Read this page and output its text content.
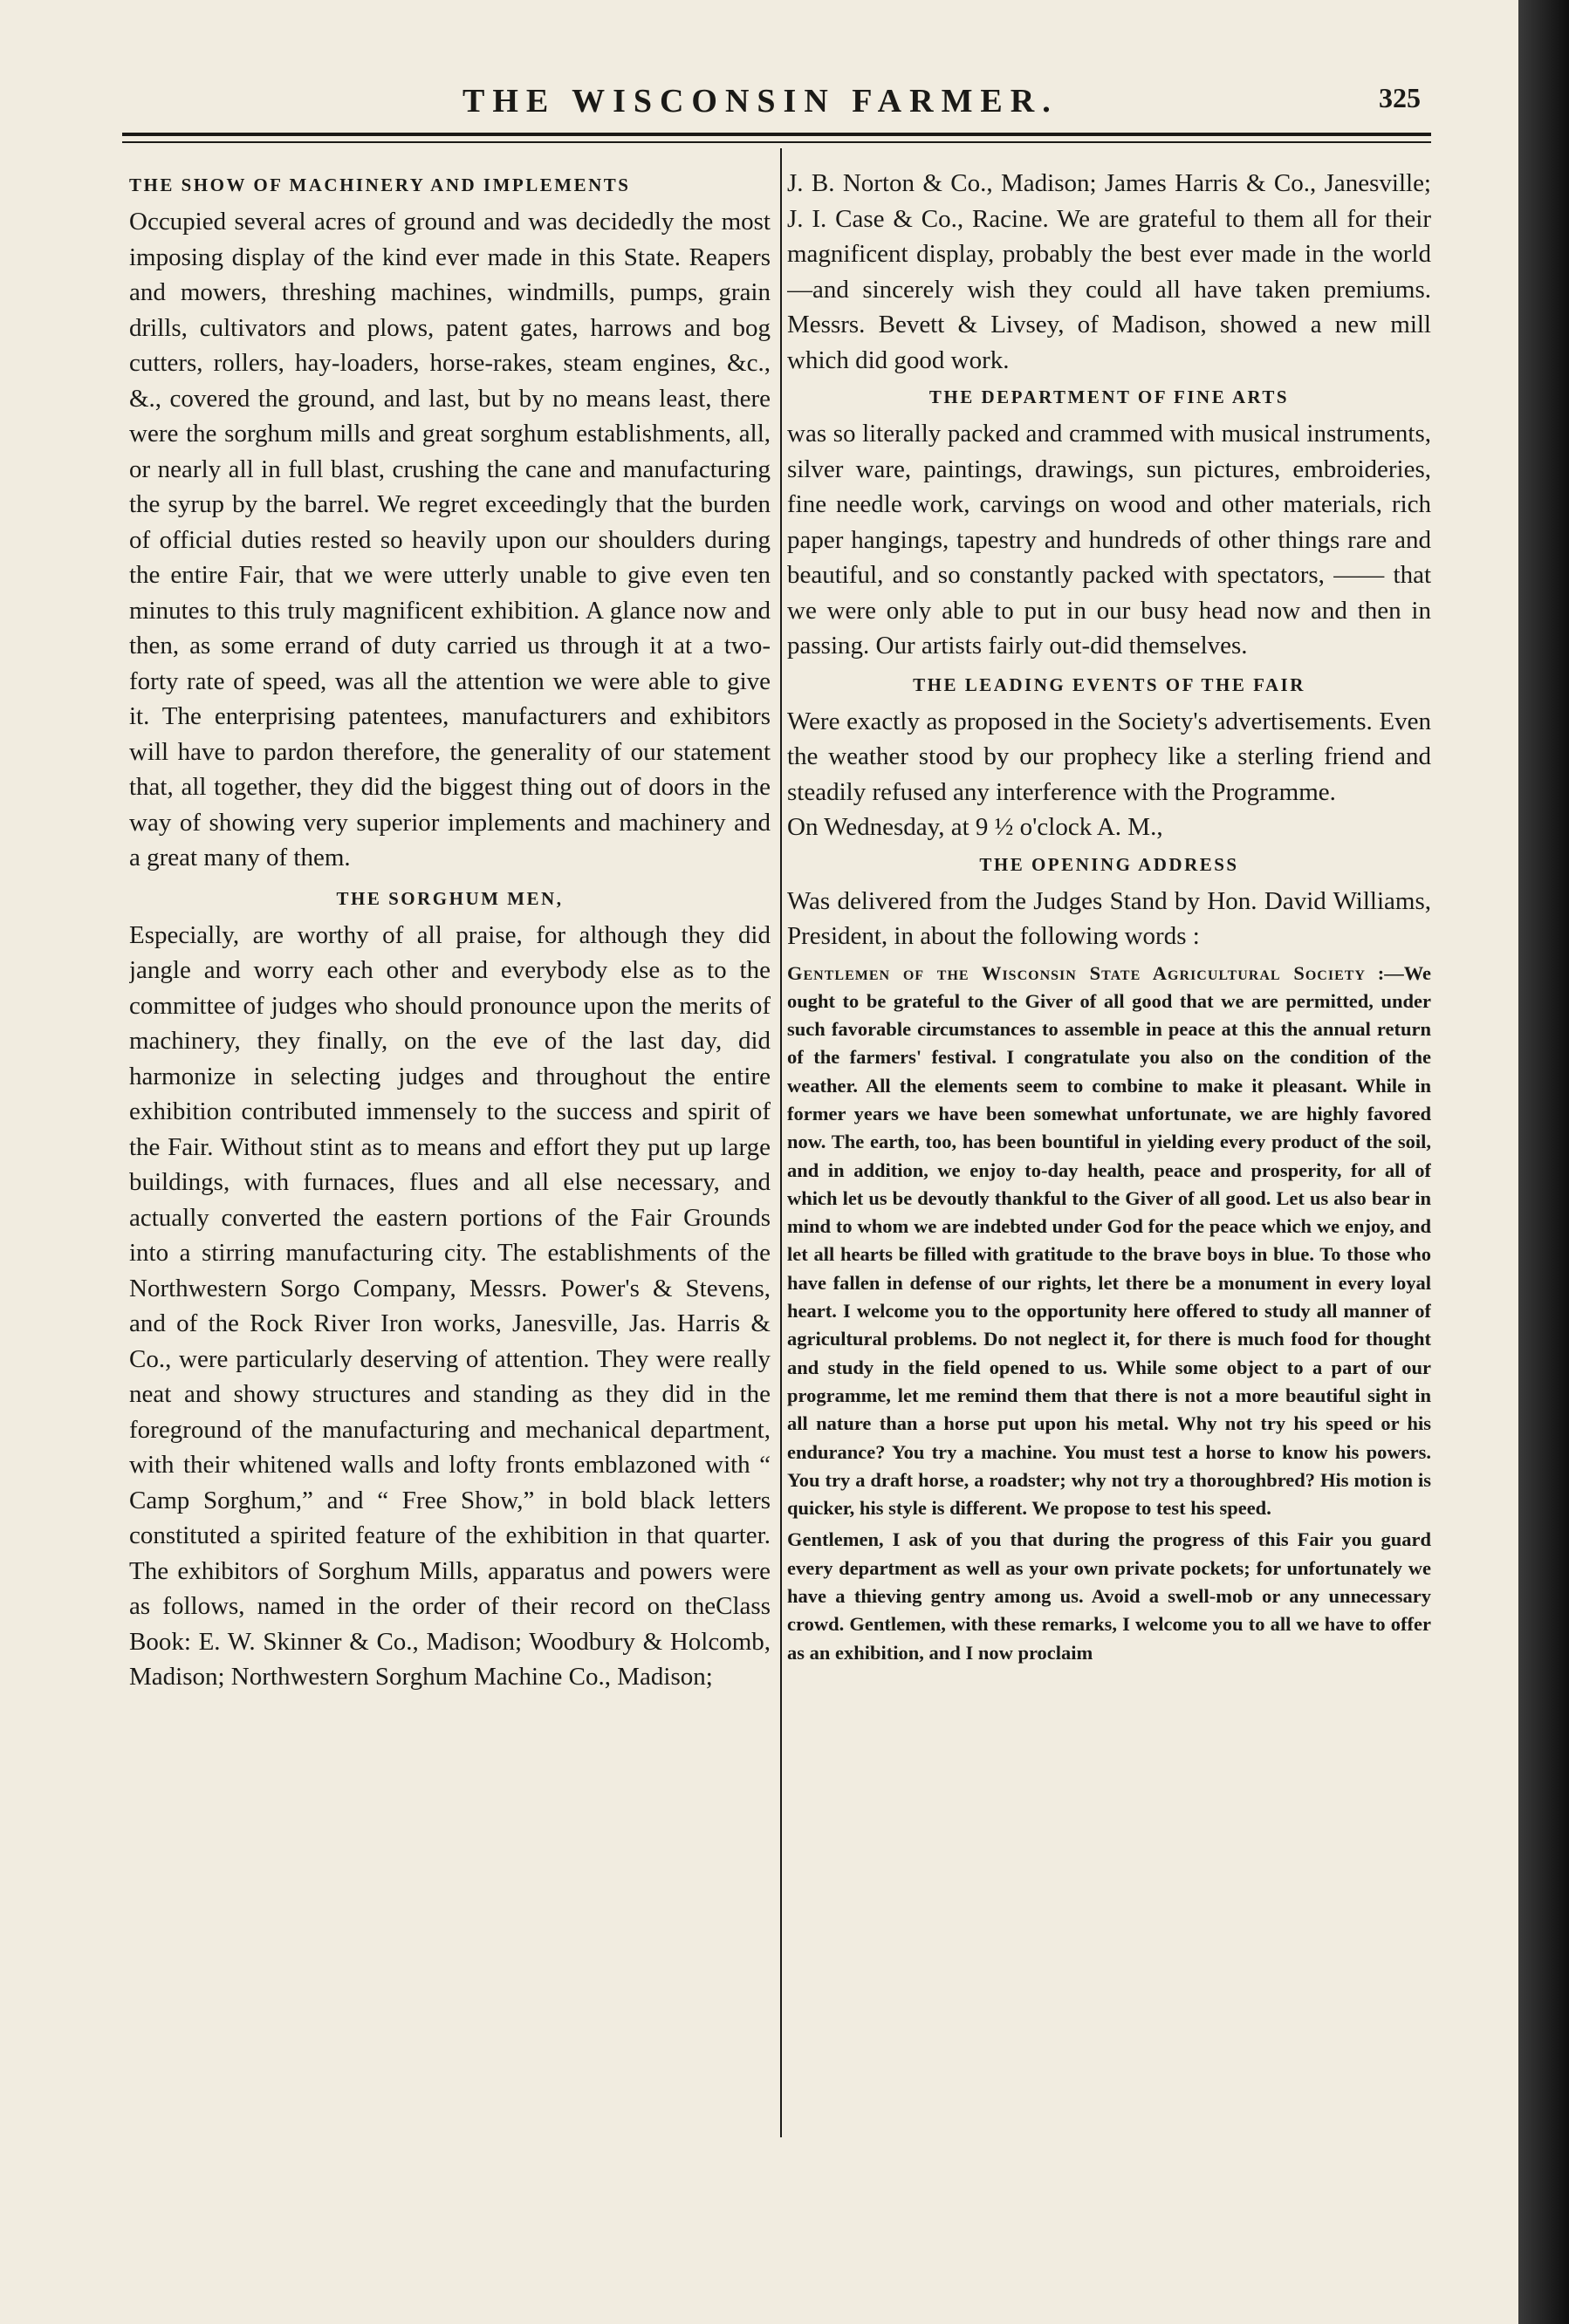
THE WISCONSIN FARMER.	325
THE SHOW OF MACHINERY AND IMPLEMENTS

Occupied several acres of ground and was decidedly the most imposing display of the kind ever made in this State. Reapers and mowers, threshing machines, windmills, pumps, grain drills, cultivators and plows, patent gates, harrows and bog cutters, rollers, hay-loaders, horse-rakes, steam engines, &c., &., covered the ground, and last, but by no means least, there were the sorghum mills and great sorghum establishments, all, or nearly all in full blast, crushing the cane and manufacturing the syrup by the barrel. We regret exceedingly that the burden of official duties rested so heavily upon our shoulders during the entire Fair, that we were utterly unable to give even ten minutes to this truly magnificent exhibition. A glance now and then, as some errand of duty carried us through it at a two-forty rate of speed, was all the attention we were able to give it. The enterprising patentees, manufacturers and exhibitors will have to pardon therefore, the generality of our statement that, all together, they did the biggest thing out of doors in the way of showing very superior implements and machinery and a great many of them.

THE SORGHUM MEN,

Especially, are worthy of all praise, for although they did jangle and worry each other and everybody else as to the committee of judges who should pronounce upon the merits of machinery, they finally, on the eve of the last day, did harmonize in selecting judges and throughout the entire exhibition contributed immensely to the success and spirit of the Fair. Without stint as to means and effort they put up large buildings, with furnaces, flues and all else necessary, and actually converted the eastern portions of the Fair Grounds into a stirring manufacturing city. The establishments of the Northwestern Sorgo Company, Messrs. Power's & Stevens, and of the Rock River Iron works, Janesville, Jas. Harris & Co., were particularly deserving of attention. They were really neat and showy structures and standing as they did in the foreground of the manufacturing and mechanical department, with their whitened walls and lofty fronts emblazoned with “ Camp Sorghum,” and “ Free Show,” in bold black letters constituted a spirited feature of the exhibition in that quarter. The exhibitors of Sorghum Mills, apparatus and powers were as follows, named in the order of their record on theClass Book: E. W. Skinner & Co., Madison; Woodbury & Holcomb, Madison; Northwestern Sorghum Machine Co., Madison;

J. B. Norton & Co., Madison; James Harris & Co., Janesville; J. I. Case & Co., Racine. We are grateful to them all for their magnificent display, probably the best ever made in the world —and sincerely wish they could all have taken premiums. Messrs. Bevett & Livsey, of Madison, showed a new mill which did good work.

THE DEPARTMENT OF FINE ARTS

was so literally packed and crammed with musical instruments, silver ware, paintings, drawings, sun pictures, embroideries, fine needle work, carvings on wood and other materials, rich paper hangings, tapestry and hundreds of other things rare and beautiful, and so constantly packed with spectators, —— that we were only able to put in our busy head now and then in passing. Our artists fairly out-did themselves.

THE LEADING EVENTS OF THE FAIR

Were exactly as proposed in the Society's advertisements. Even the weather stood by our prophecy like a sterling friend and steadily refused any interference with the Programme.

On Wednesday, at 9 ½ o'clock A. M.,

THE OPENING ADDRESS

Was delivered from the Judges Stand by Hon. David Williams, President, in about the following words :

Gentlemen of the Wisconsin State Agricultural Society :—We ought to be grateful to the Giver of all good that we are permitted, under such favorable circumstances to assemble in peace at this the annual return of the farmers' festival. I congratulate you also on the condition of the weather. All the elements seem to combine to make it pleasant. While in former years we have been somewhat unfortunate, we are highly favored now. The earth, too, has been bountiful in yielding every product of the soil, and in addition, we enjoy to-day health, peace and prosperity, for all of which let us be devoutly thankful to the Giver of all good. Let us also bear in mind to whom we are indebted under God for the peace which we enjoy, and let all hearts be filled with gratitude to the brave boys in blue. To those who have fallen in defense of our rights, let there be a monument in every loyal heart. I welcome you to the opportunity here offered to study all manner of agricultural problems. Do not neglect it, for there is much food for thought and study in the field opened to us. While some object to a part of our programme, let me remind them that there is not a more beautiful sight in all nature than a horse put upon his metal. Why not try his speed or his endurance? You try a machine. You must test a horse to know his powers. You try a draft horse, a roadster; why not try a thoroughbred? His motion is quicker, his style is different. We propose to test his speed.

Gentlemen, I ask of you that during the progress of this Fair you guard every department as well as your own private pockets; for unfortunately we have a thieving gentry among us. Avoid a swell-mob or any unnecessary crowd. Gentlemen, with these remarks, I welcome you to all we have to offer as an exhibition, and I now proclaim
